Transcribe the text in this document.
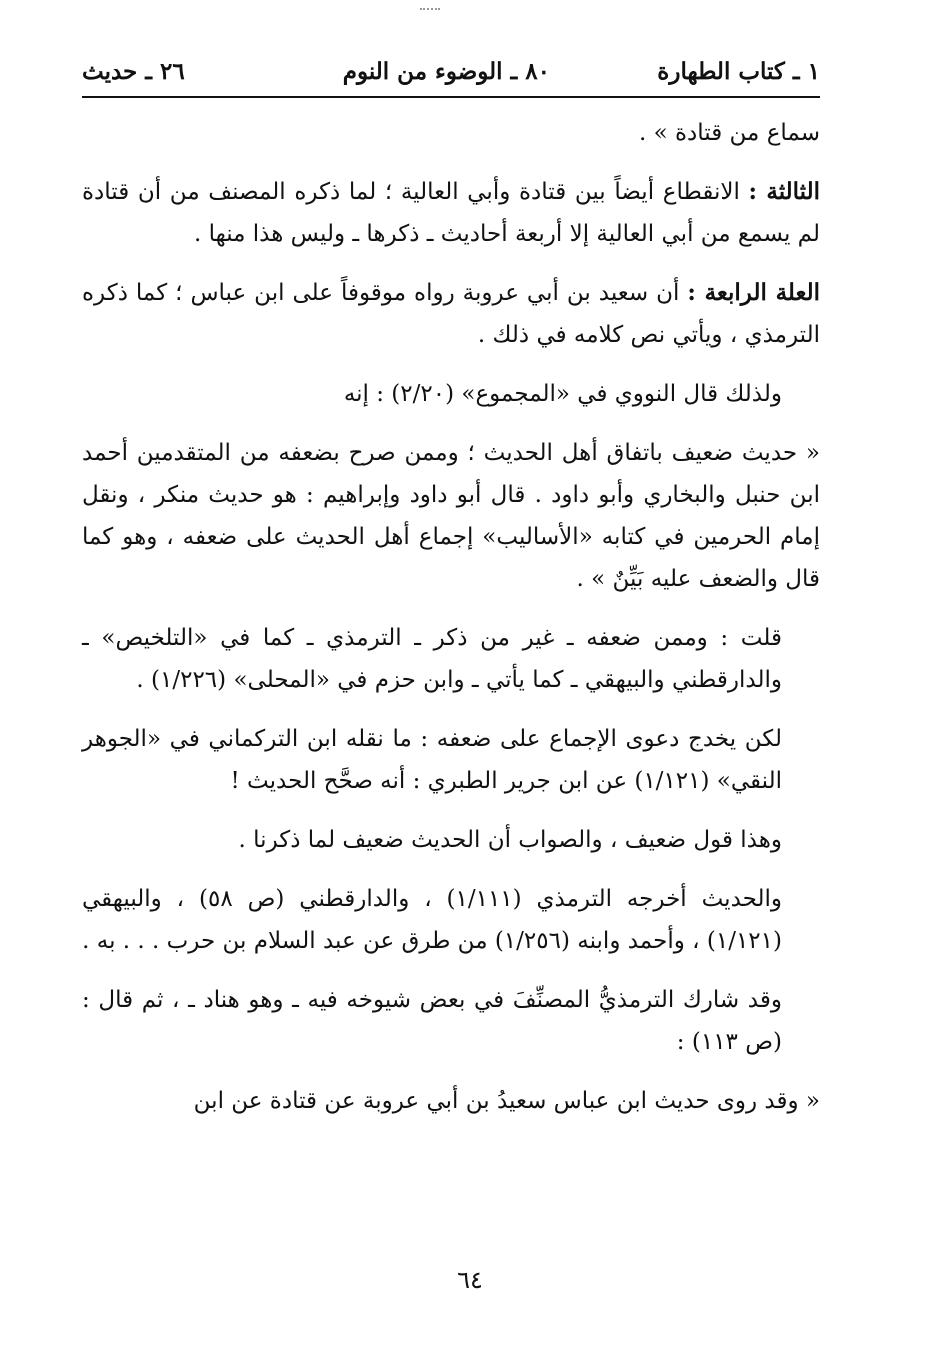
١ ـ كتاب الطهارة
٨٠ ـ الوضوء من النوم
٢٦ ـ حديث

سماع من قتادة » .

الثالثة : الانقطاع أيضاً بين قتادة وأبي العالية ؛ لما ذكره المصنف من أن قتادة لم يسمع من أبي العالية إلا أربعة أحاديث ـ ذكرها ـ وليس هذا منها .

العلة الرابعة : أن سعيد بن أبي عروبة رواه موقوفاً على ابن عباس ؛ كما ذكره الترمذي ، ويأتي نص كلامه في ذلك .

ولذلك قال النووي في «المجموع» (٢/٢٠) : إنه

« حديث ضعيف باتفاق أهل الحديث ؛ وممن صرح بضعفه من المتقدمين أحمد ابن حنبل والبخاري وأبو داود . قال أبو داود وإبراهيم : هو حديث منكر ، ونقل إمام الحرمين في كتابه «الأساليب» إجماع أهل الحديث على ضعفه ، وهو كما قال والضعف عليه بَيِّنٌ » .

قلت : وممن ضعفه ـ غير من ذكر ـ الترمذي ـ كما في «التلخيص» ـ والدارقطني والبيهقي ـ كما يأتي ـ وابن حزم في «المحلى» (١/٢٢٦) .

لكن يخدج دعوى الإجماع على ضعفه : ما نقله ابن التركماني في «الجوهر النقي» (١/١٢١) عن ابن جرير الطبري : أنه صحَّح الحديث !

وهذا قول ضعيف ، والصواب أن الحديث ضعيف لما ذكرنا .

والحديث أخرجه الترمذي (١/١١١) ، والدارقطني (ص ٥٨) ، والبيهقي (١/١٢١) ، وأحمد وابنه (١/٢٥٦) من طرق عن عبد السلام بن حرب . . . به .

وقد شارك الترمذيُّ المصنِّفَ في بعض شيوخه فيه ـ وهو هناد ـ ، ثم قال : (ص ١١٣) :

« وقد روى حديث ابن عباس سعيدُ بن أبي عروبة عن قتادة عن ابن

٦٤
